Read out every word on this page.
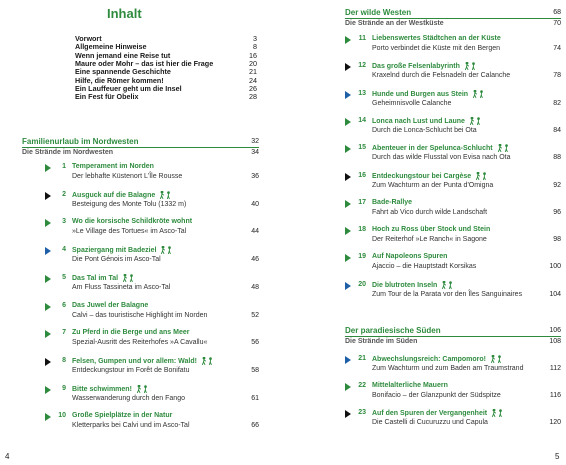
Inhalt
Vorwort	3
Allgemeine Hinweise	8
Wenn jemand eine Reise tut	16
Maure oder Mohr – das ist hier die Frage	20
Eine spannende Geschichte	21
Hilfe, die Römer kommen!	24
Ein Lauffeuer geht um die Insel	26
Ein Fest für Obelix	28
Familienurlaub im Nordwesten	32
Die Strände im Nordwesten	34
1 Temperament im Norden
Der lebhafte Küstenort L'Île Rousse	36
2 Ausguck auf die Balagne
Besteigung des Monte Tolu (1332 m)	40
3 Wo die korsische Schildkröte wohnt
»Le Village des Tortues« im Asco-Tal	44
4 Spaziergang mit Badeziel
Die Pont Génois im Asco-Tal	46
5 Das Tal im Tal
Am Fluss Tassineta im Asco-Tal	48
6 Das Juwel der Balagne
Calvi – das touristische Highlight im Norden	52
7 Zu Pferd in die Berge und ans Meer
Spezial-Ausritt des Reiterhofes »A Cavallu«	56
8 Felsen, Gumpen und vor allem: Wald!
Entdeckungstour im Forêt de Bonifatu	58
9 Bitte schwimmen!
Wasserwanderung durch den Fango	61
10 Große Spielplätze in der Natur
Kletterparks bei Calvi und im Asco-Tal	66
4
Der wilde Westen	68
Die Strände an der Westküste	70
11 Liebenswertes Städtchen an der Küste
Porto verbindet die Küste mit den Bergen	74
12 Das große Felsenlabyrinth
Kraxelnd durch die Felsnadeln der Calanche	78
13 Hunde und Burgen aus Stein
Geheimnisvolle Calanche	82
14 Lonca nach Lust und Laune
Durch die Lonca-Schlucht bei Ota	84
15 Abenteuer in der Spelunca-Schlucht
Durch das wilde Flusstal von Evisa nach Ota	88
16 Entdeckungstour bei Cargèse
Zum Wachturm an der Punta d'Omigna	92
17 Bade-Rallye
Fahrt ab Vico durch wilde Landschaft	96
18 Hoch zu Ross über Stock und Stein
Der Reiterhof »Le Ranch« in Sagone	98
19 Auf Napoleons Spuren
Ajaccio – die Hauptstadt Korsikas	100
20 Die blutroten Inseln
Zum Tour de la Parata vor den Îles Sanguinaires	104
Der paradiesische Süden	106
Die Strände im Süden	108
21 Abwechslungsreich: Campomoro!
Zum Wachturm und zum Baden am Traumstrand	112
22 Mittelalterliche Mauern
Bonifacio – der Glanzpunkt der Südspitze	116
23 Auf den Spuren der Vergangenheit
Die Castelli di Cucuruzzu und Capula	120
5
